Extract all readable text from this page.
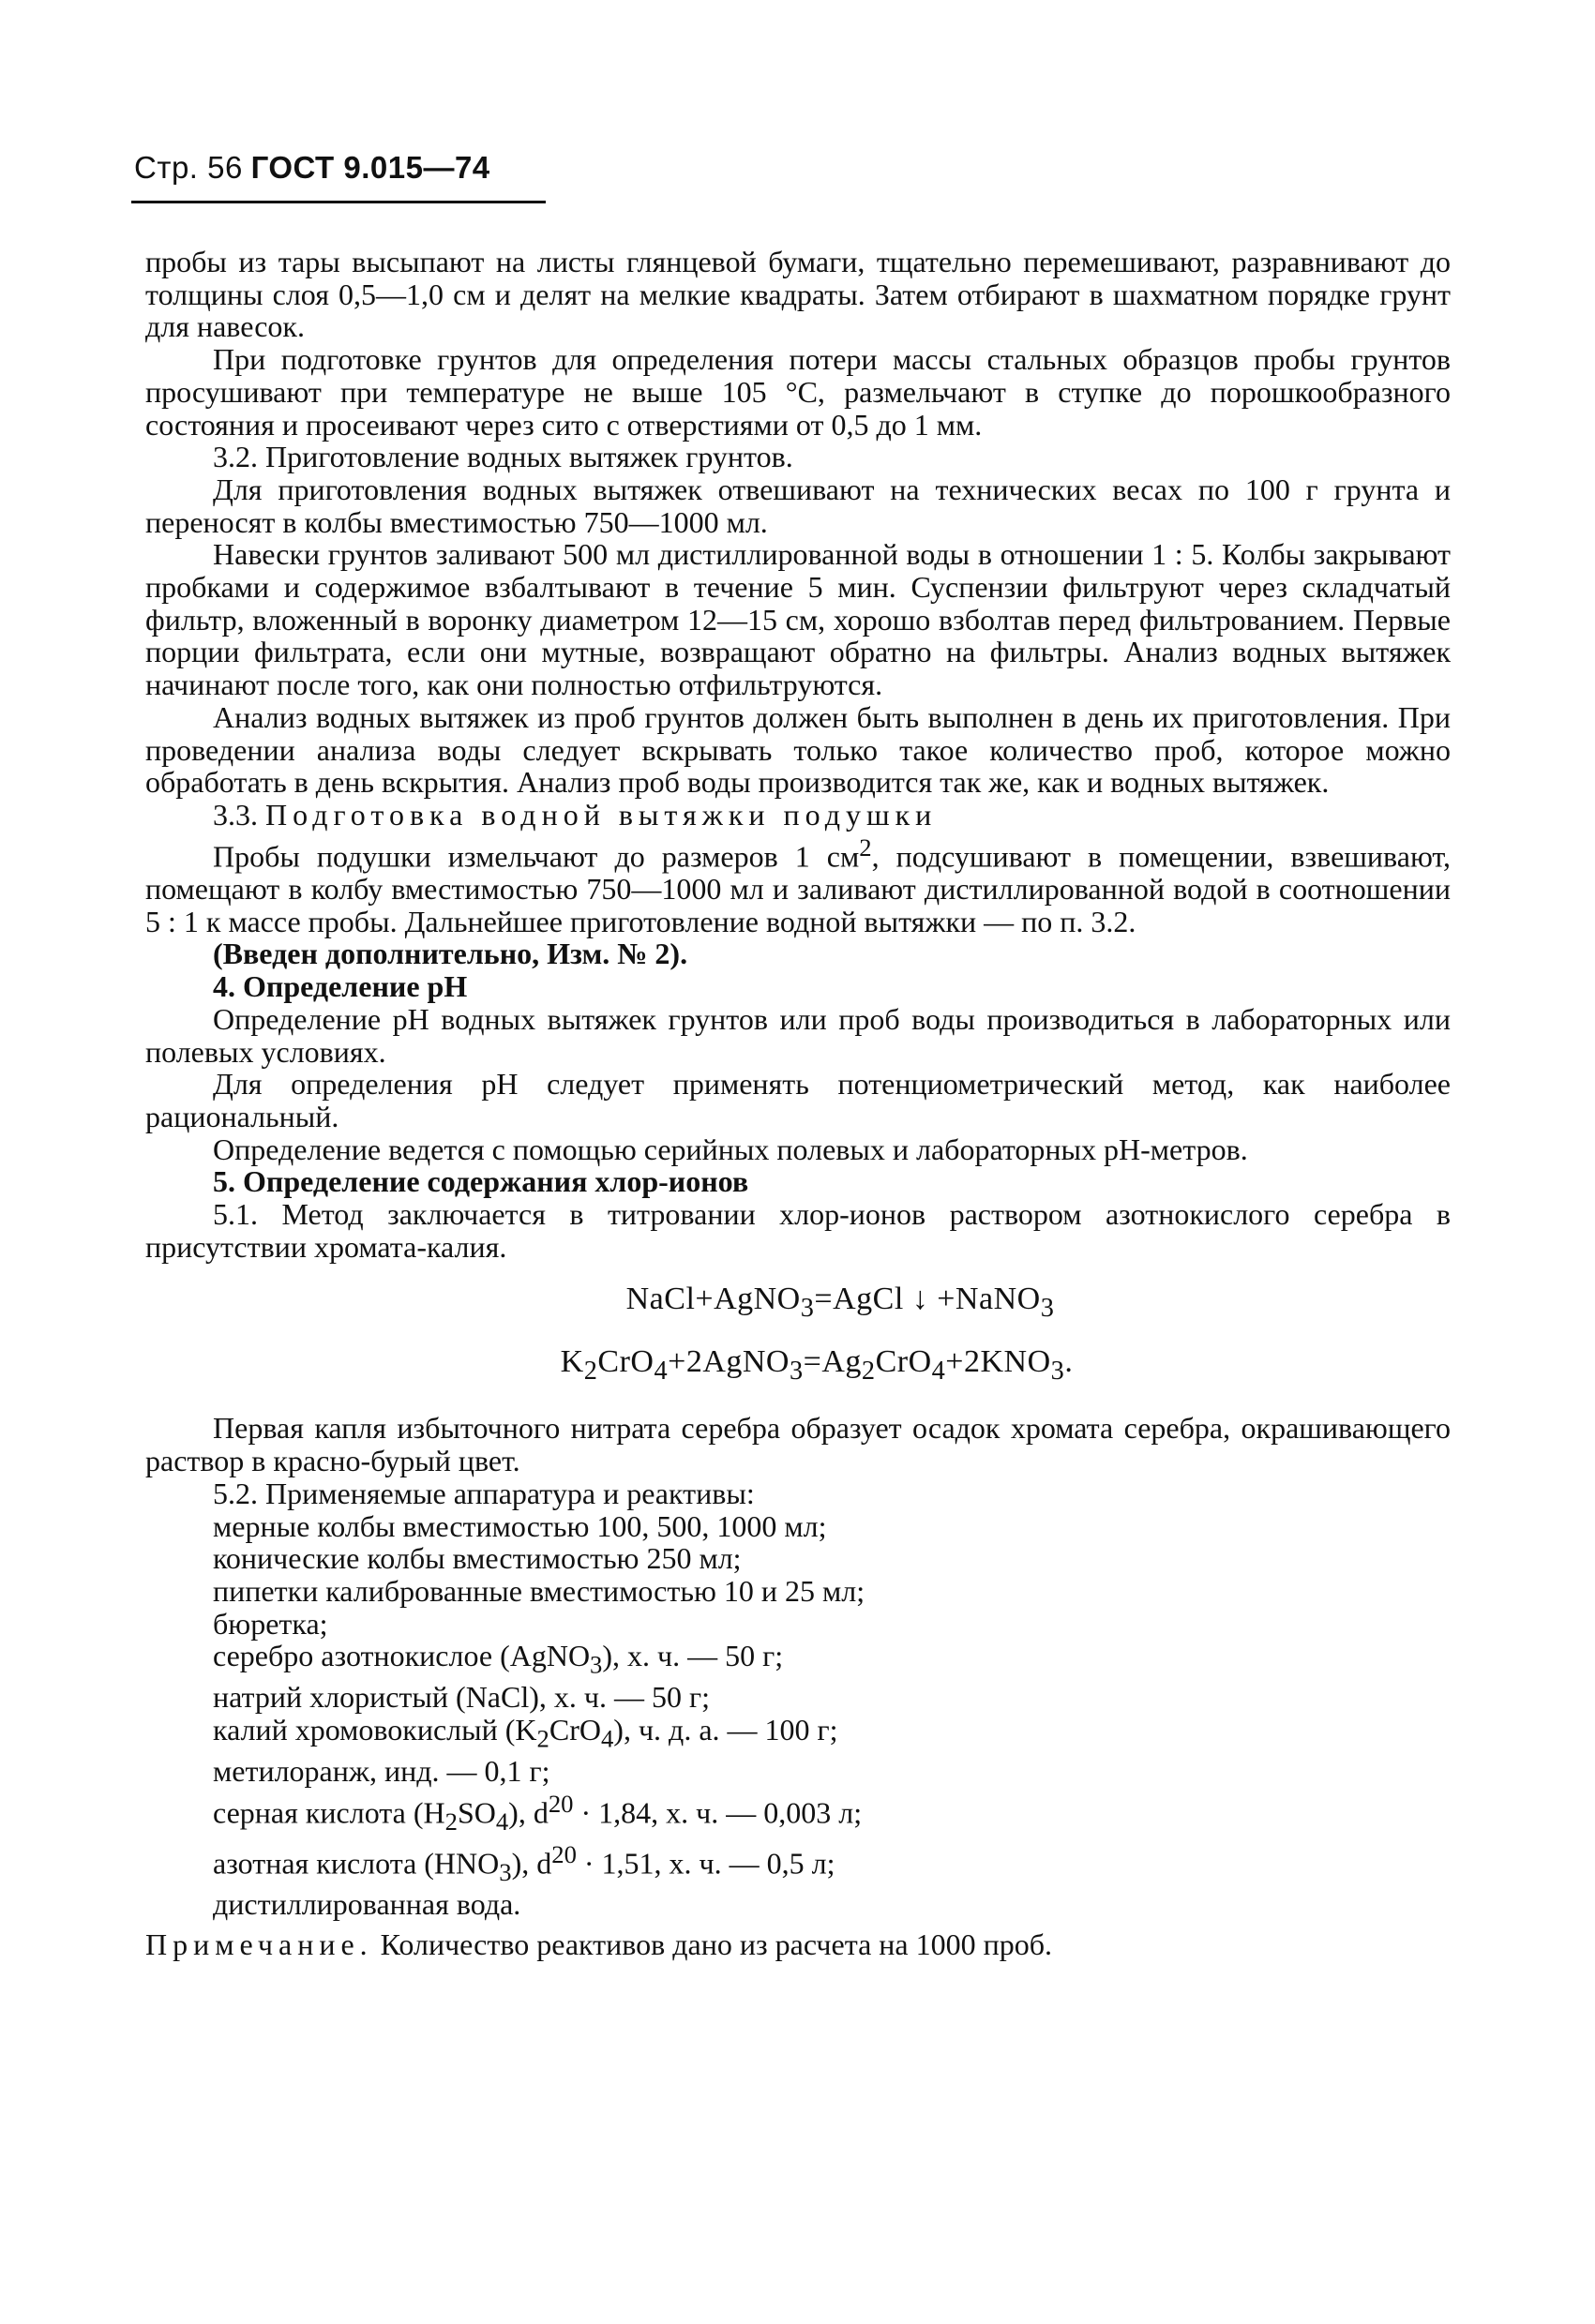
Стр. 56 ГОСТ 9.015—74

пробы из тары высыпают на листы глянцевой бумаги, тщательно перемешивают, разравнивают до толщины слоя 0,5—1,0 см и делят на мелкие квадраты. Затем отбирают в шахматном порядке грунт для навесок.

При подготовке грунтов для определения потери массы стальных образцов пробы грунтов просушивают при температуре не выше 105 °С, размельчают в ступке до порошкообразного состояния и просеивают через сито с отверстиями от 0,5 до 1 мм.

3.2. Приготовление водных вытяжек грунтов.

Для приготовления водных вытяжек отвешивают на технических весах по 100 г грунта и переносят в колбы вместимостью 750—1000 мл.

Навески грунтов заливают 500 мл дистиллированной воды в отношении 1 : 5. Колбы закрывают пробками и содержимое взбалтывают в течение 5 мин. Суспензии фильтруют через складчатый фильтр, вложенный в воронку диаметром 12—15 см, хорошо взболтав перед фильтрованием. Первые порции фильтрата, если они мутные, возвращают обратно на фильтры. Анализ водных вытяжек начинают после того, как они полностью отфильтруются.

Анализ водных вытяжек из проб грунтов должен быть выполнен в день их приготовления. При проведении анализа воды следует вскрывать только такое количество проб, которое можно обработать в день вскрытия. Анализ проб воды производится так же, как и водных вытяжек.

3.3. Подготовка водной вытяжки подушки

Пробы подушки измельчают до размеров 1 $см^2$, подсушивают в помещении, взвешивают, помещают в колбу вместимостью 750—1000 мл и заливают дистиллированной водой в соотношении 5 : 1 к массе пробы. Дальнейшее приготовление водной вытяжки — по п. 3.2.

(Введен дополнительно, Изм. № 2).

4. Определение рН

Определение рН водных вытяжек грунтов или проб воды производиться в лабораторных или полевых условиях.

Для определения рН следует применять потенциометрический метод, как наиболее рациональный.

Определение ведется с помощью серийных полевых и лабораторных рН-метров.

5. Определение содержания хлор-ионов

5.1. Метод заключается в титровании хлор-ионов раствором азотнокислого серебра в присутствии хромата-калия.

NaCl+AgNO$_3$=AgCl ↓ +NaNO$_3$

$K_2CrO_4+2AgNO_3=Ag_2CrO_4+2KNO_3$.

Первая капля избыточного нитрата серебра образует осадок хромата серебра, окрашивающего раствор в красно-бурый цвет.

5.2. Применяемые аппаратура и реактивы:

мерные колбы вместимостью 100, 500, 1000 мл;

конические колбы вместимостью 250 мл;

пипетки калиброванные вместимостью 10 и 25 мл;

бюретка;

серебро азотнокислое (AgNO$_3$), х. ч. — 50 г;

натрий хлористый (NaCl), х. ч. — 50 г;

калий хромовокислый $(K_2CrO_4)$, ч. д. а. — 100 г;

метилоранж, инд. — 0,1 г;

серная кислота $(H_2SO_4)$, $d^{20} \cdot 1,84$, х. ч. — 0,003 л;

азотная кислота $(HNO_3)$, $d^{20} \cdot 1,51$, х. ч. — 0,5 л;

дистиллированная вода.

Примечание. Количество реактивов дано из расчета на 1000 проб.
